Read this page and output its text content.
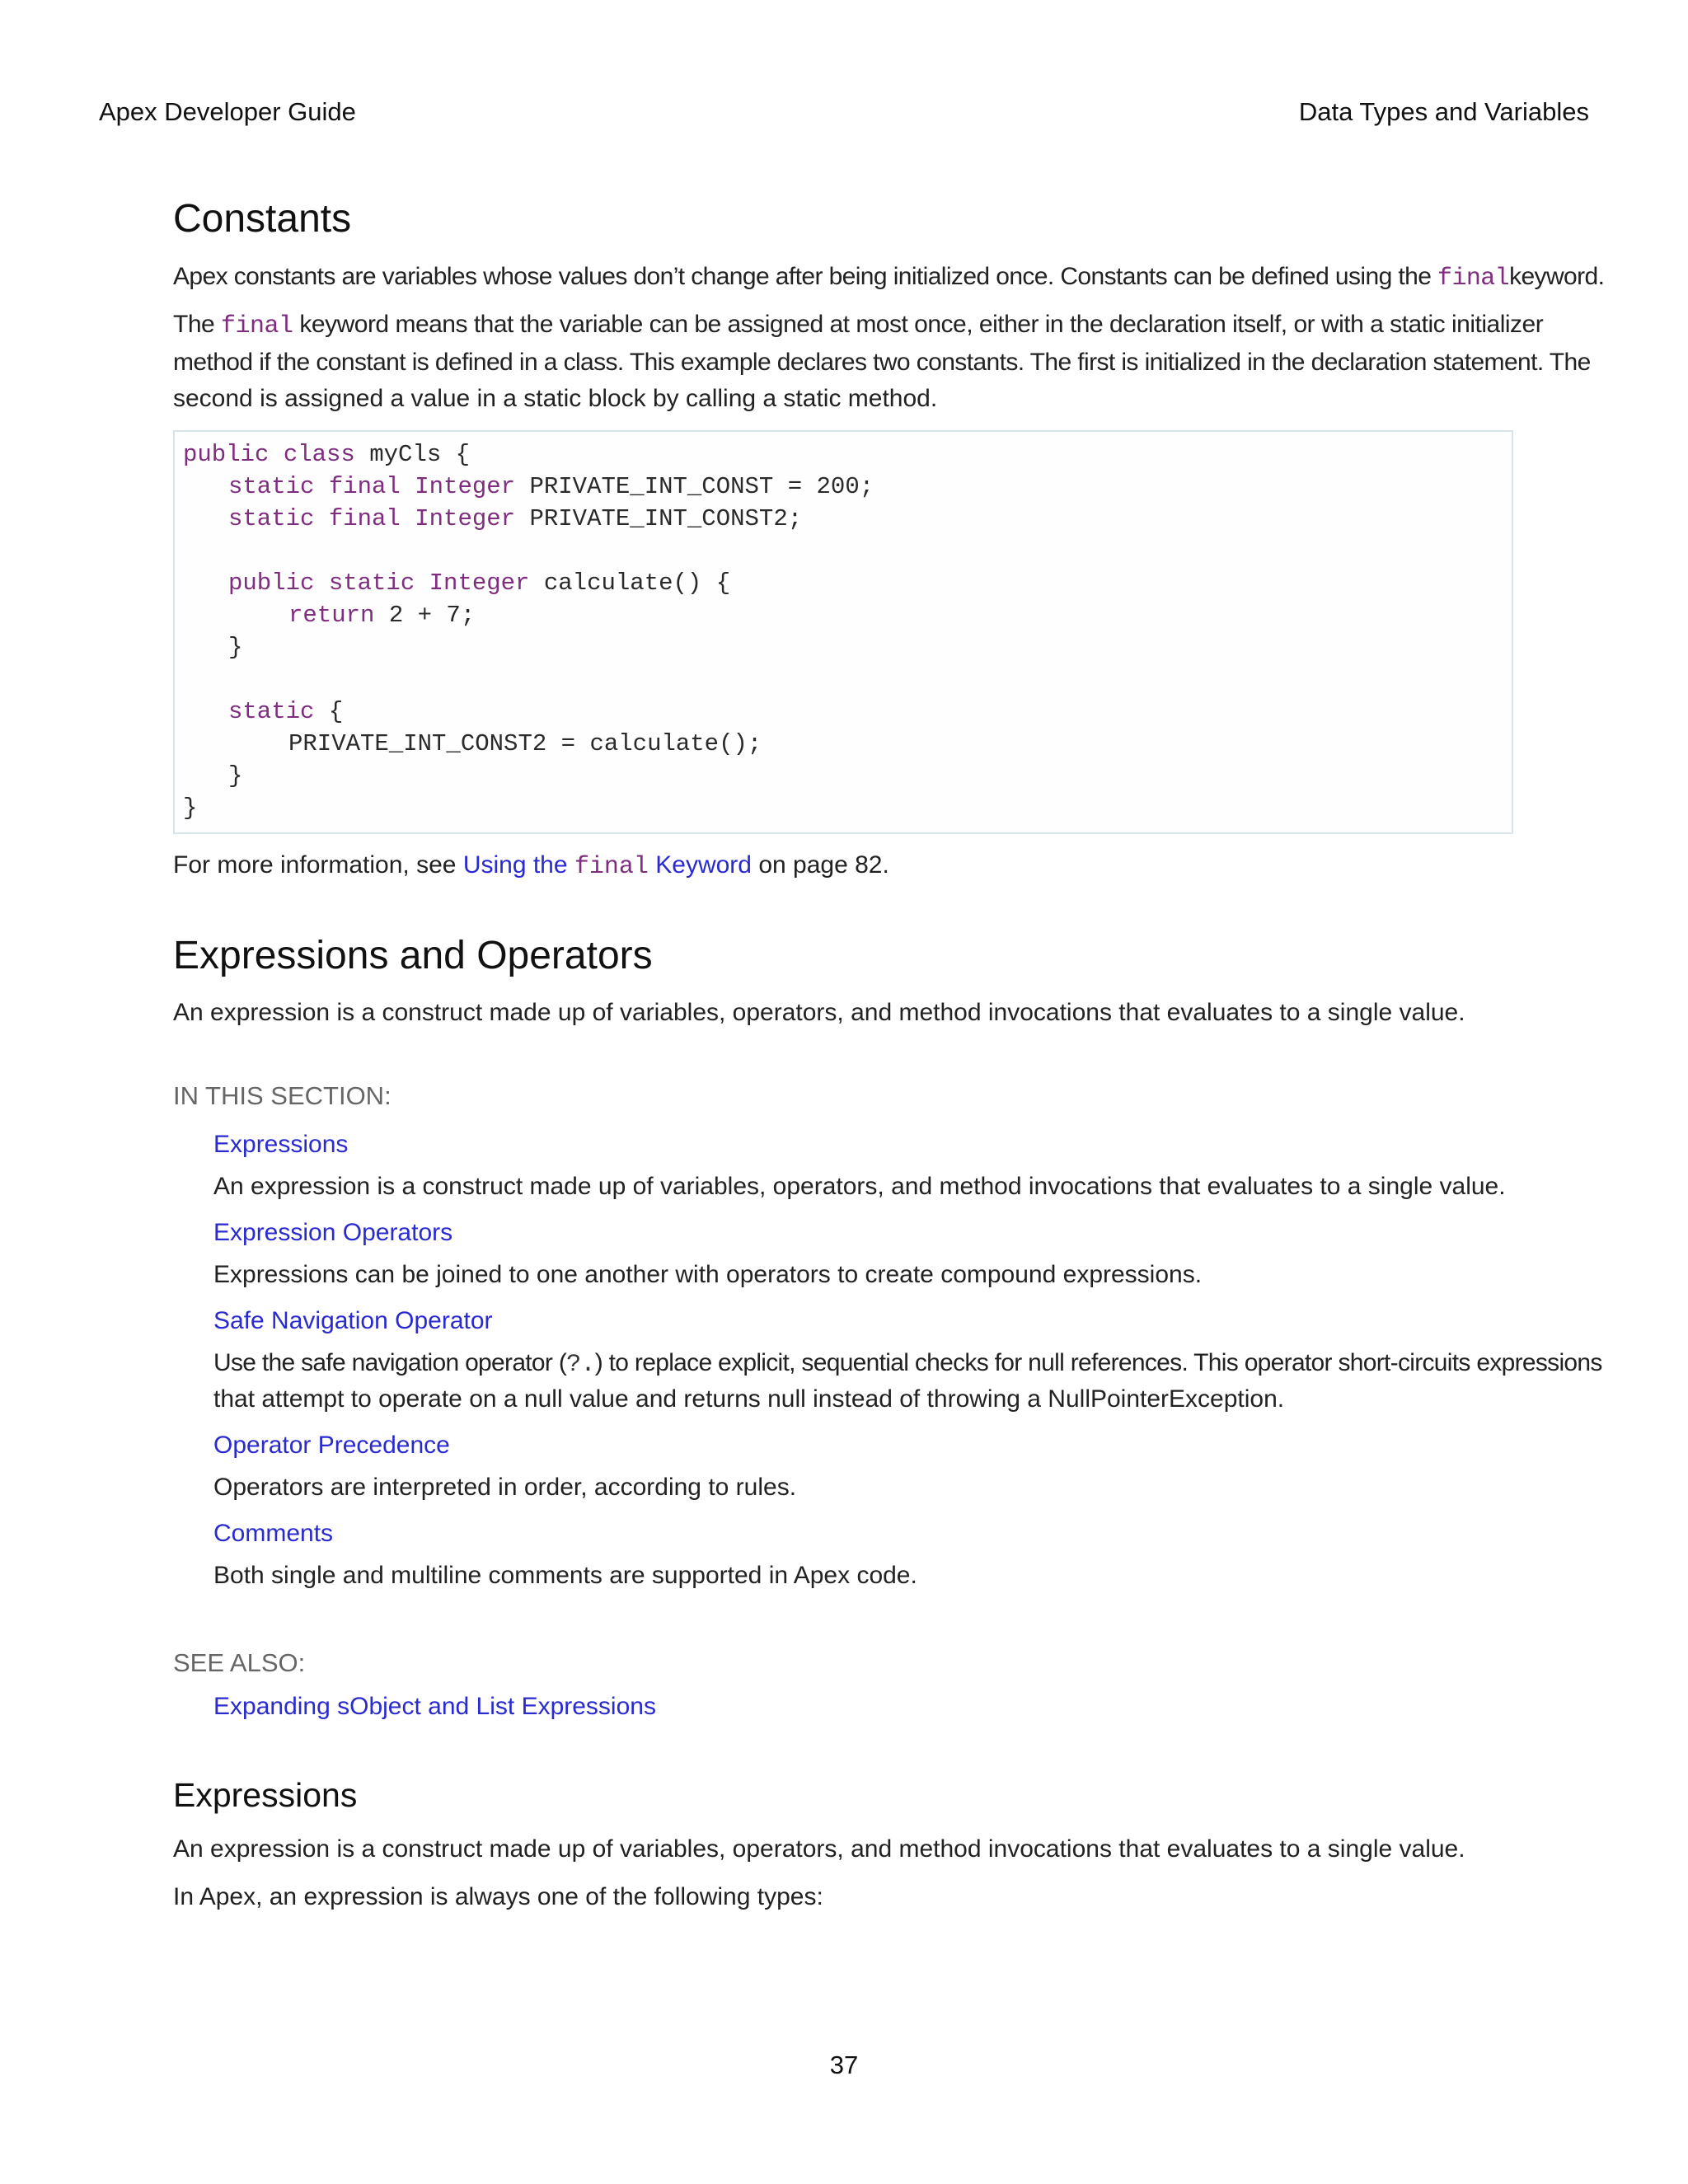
Apex Developer Guide	Data Types and Variables
Constants

Apex constants are variables whose values don’t change after being initialized once. Constants can be defined using the finalkeyword.

The final keyword means that the variable can be assigned at most once, either in the declaration itself, or with a static initializer
method if the constant is defined in a class. This example declares two constants. The first is initialized in the declaration statement. The
second is assigned a value in a static block by calling a static method.
public class myCls {
static final Integer PRIVATE_INT_CONST = 200;
static final Integer PRIVATE_INT_CONST2;
public static Integer calculate() {
return 2 + 7;
}
static {
PRIVATE_INT_CONST2 = calculate();
}
}

For more information, see Using the final Keyword on page 82.

Expressions and Operators

An expression is a construct made up of variables, operators, and method invocations that evaluates to a single value.

IN THIS SECTION:
Expressions
An expression is a construct made up of variables, operators, and method invocations that evaluates to a single value.
Expression Operators
Expressions can be joined to one another with operators to create compound expressions.
Safe Navigation Operator
Use the safe navigation operator (?.) to replace explicit, sequential checks for null references. This operator short-circuits expressions
that attempt to operate on a null value and returns null instead of throwing a NullPointerException.
Operator Precedence
Operators are interpreted in order, according to rules.
Comments
Both single and multiline comments are supported in Apex code.
SEE ALSO:
Expanding sObject and List Expressions
Expressions

An expression is a construct made up of variables, operators, and method invocations that evaluates to a single value.

In Apex, an expression is always one of the following types:

37
